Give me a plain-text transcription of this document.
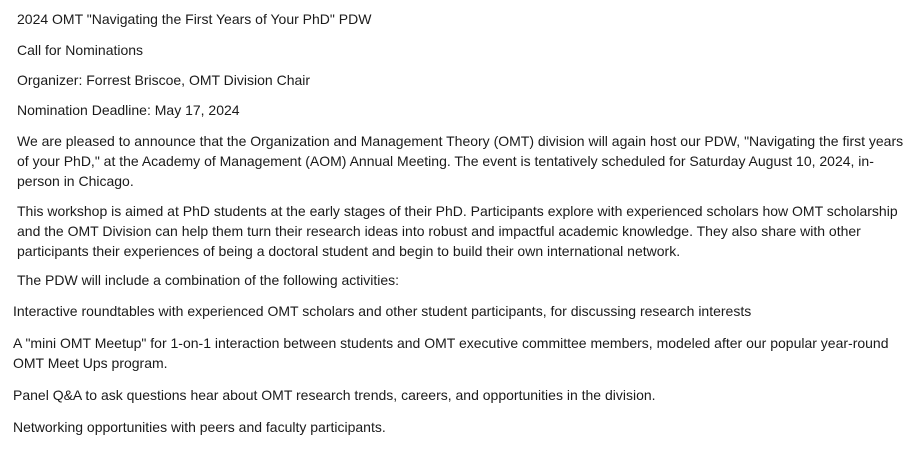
2024 OMT "Navigating the First Years of Your PhD" PDW
Call for Nominations
Organizer: Forrest Briscoe, OMT Division Chair
Nomination Deadline: May 17, 2024
We are pleased to announce that the Organization and Management Theory (OMT) division will again host our PDW, "Navigating the first years of your PhD," at the Academy of Management (AOM) Annual Meeting. The event is tentatively scheduled for Saturday August 10, 2024, in-person in Chicago.
This workshop is aimed at PhD students at the early stages of their PhD. Participants explore with experienced scholars how OMT scholarship and the OMT Division can help them turn their research ideas into robust and impactful academic knowledge. They also share with other participants their experiences of being a doctoral student and begin to build their own international network.
The PDW will include a combination of the following activities:
Interactive roundtables with experienced OMT scholars and other student participants, for discussing research interests
A "mini OMT Meetup" for 1-on-1 interaction between students and OMT executive committee members, modeled after our popular year-round OMT Meet Ups program.
Panel Q&A to ask questions hear about OMT research trends, careers, and opportunities in the division.
Networking opportunities with peers and faculty participants.
